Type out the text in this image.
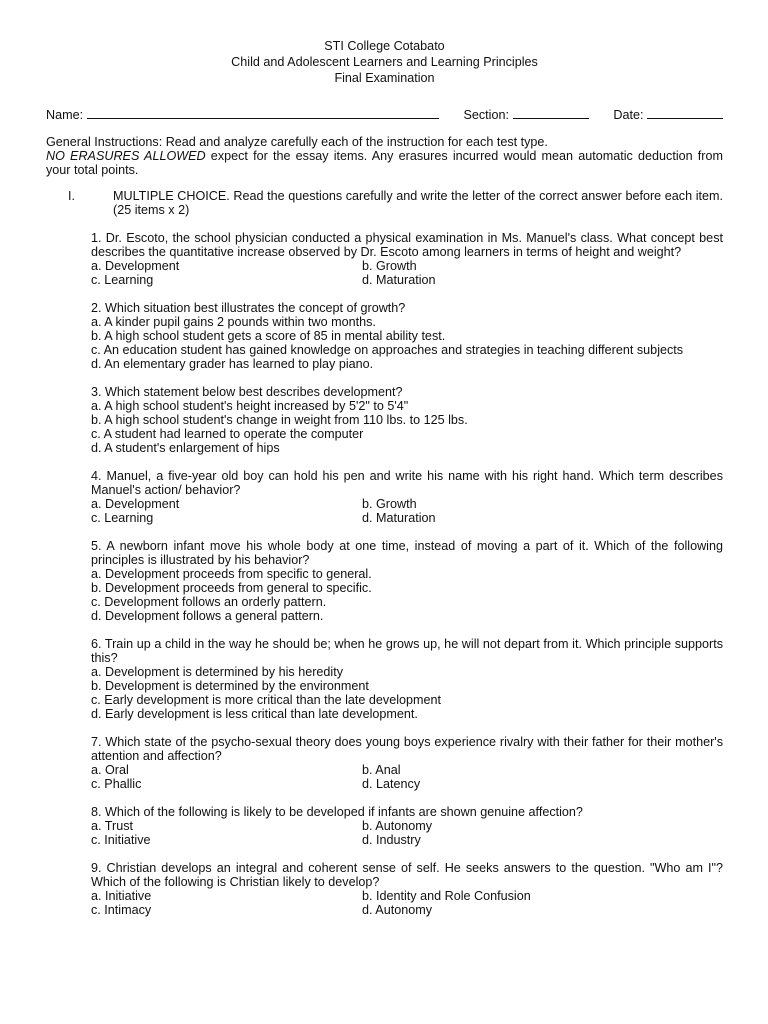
STI College Cotabato
Child and Adolescent Learners and Learning Principles
Final Examination
Name:	Section:	Date:
General Instructions: Read and analyze carefully each of the instruction for each test type.
NO ERASURES ALLOWED expect for the essay items. Any erasures incurred would mean automatic deduction from your total points.
I.	MULTIPLE CHOICE. Read the questions carefully and write the letter of the correct answer before each item. (25 items x 2)
1. Dr. Escoto, the school physician conducted a physical examination in Ms. Manuel's class. What concept best describes the quantitative increase observed by Dr. Escoto among learners in terms of height and weight?
a. Development	b. Growth
c. Learning	d. Maturation
2. Which situation best illustrates the concept of growth?
a. A kinder pupil gains 2 pounds within two months.
b. A high school student gets a score of 85 in mental ability test.
c. An education student has gained knowledge on approaches and strategies in teaching different subjects
d. An elementary grader has learned to play piano.
3. Which statement below best describes development?
a. A high school student's height increased by 5'2" to 5'4"
b. A high school student's change in weight from 110 lbs. to 125 lbs.
c. A student had learned to operate the computer
d. A student's enlargement of hips
4. Manuel, a five-year old boy can hold his pen and write his name with his right hand. Which term describes Manuel's action/ behavior?
a. Development	b. Growth
c. Learning	d. Maturation
5. A newborn infant move his whole body at one time, instead of moving a part of it. Which of the following principles is illustrated by his behavior?
a. Development proceeds from specific to general.
b. Development proceeds from general to specific.
c. Development follows an orderly pattern.
d. Development follows a general pattern.
6. Train up a child in the way he should be; when he grows up, he will not depart from it. Which principle supports this?
a. Development is determined by his heredity
b. Development is determined by the environment
c. Early development is more critical than the late development
d. Early development is less critical than late development.
7. Which state of the psycho-sexual theory does young boys experience rivalry with their father for their mother's attention and affection?
a. Oral	b. Anal
c. Phallic	d. Latency
8. Which of the following is likely to be developed if infants are shown genuine affection?
a. Trust	b. Autonomy
c. Initiative	d. Industry
9. Christian develops an integral and coherent sense of self. He seeks answers to the question. "Who am I"? Which of the following is Christian likely to develop?
a. Initiative	b. Identity and Role Confusion
c. Intimacy	d. Autonomy
